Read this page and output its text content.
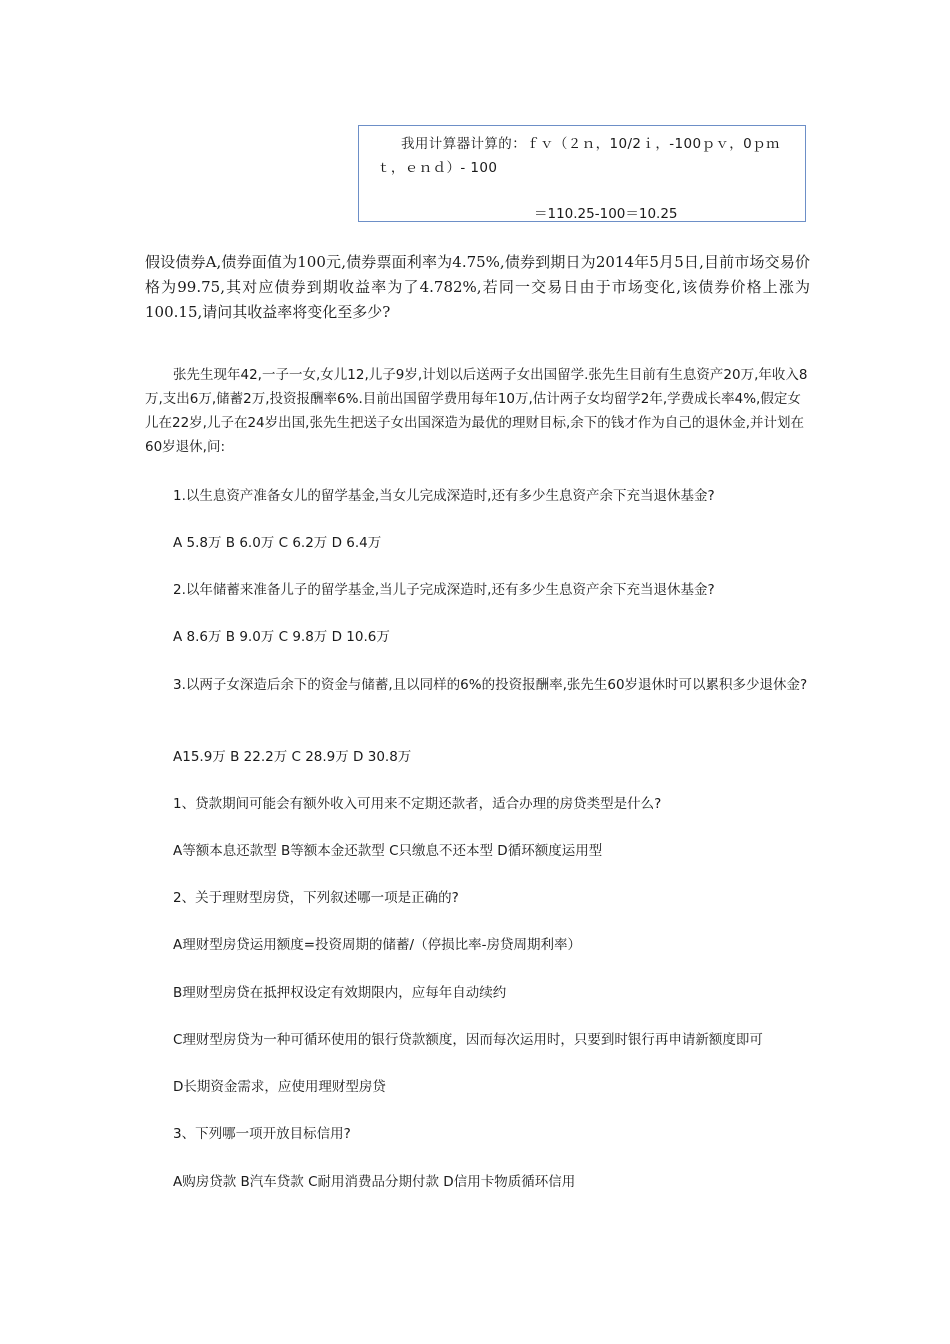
我用计算器计算的：ｆｖ（２ｎ，10/2ｉ，-100ｐｖ，0ｐｍ
ｔ，ｅｎｄ）- 100
＝110.25-100＝10.25

假设债券A,债券面值为100元,债券票面利率为4.75%,债券到期日为2014年5月5日,目前市场交易价格为99.75,其对应债券到期收益率为了4.782%,若同一交易日由于市场变化,该债券价格上涨为100.15,请问其收益率将变化至多少?

张先生现年42,一子一女,女儿12,儿子9岁,计划以后送两子女出国留学.张先生目前有生息资产20万,年收入8万,支出6万,储蓄2万,投资报酬率6%.目前出国留学费用每年10万,估计两子女均留学2年,学费成长率4%,假定女儿在22岁,儿子在24岁出国,张先生把送子女出国深造为最优的理财目标,余下的钱才作为自己的退休金,并计划在60岁退休,问:

1.以生息资产准备女儿的留学基金,当女儿完成深造时,还有多少生息资产余下充当退休基金?

A 5.8万 B 6.0万 C 6.2万 D 6.4万

2.以年储蓄来准备儿子的留学基金,当儿子完成深造时,还有多少生息资产余下充当退休基金?

A 8.6万 B 9.0万 C 9.8万 D 10.6万

3.以两子女深造后余下的资金与储蓄,且以同样的6%的投资报酬率,张先生60岁退休时可以累积多少退休金?

A15.9万 B 22.2万 C 28.9万 D 30.8万

1、贷款期间可能会有额外收入可用来不定期还款者，适合办理的房贷类型是什么?

A等额本息还款型 B等额本金还款型 C只缴息不还本型 D循环额度运用型

2、关于理财型房贷，下列叙述哪一项是正确的?

A理财型房贷运用额度=投资周期的储蓄/（停损比率-房贷周期利率）

B理财型房贷在抵押权设定有效期限内，应每年自动续约

C理财型房贷为一种可循环使用的银行贷款额度，因而每次运用时，只要到时银行再申请新额度即可

D长期资金需求，应使用理财型房贷

3、下列哪一项开放目标信用?

A购房贷款 B汽车贷款 C耐用消费品分期付款 D信用卡物质循环信用
